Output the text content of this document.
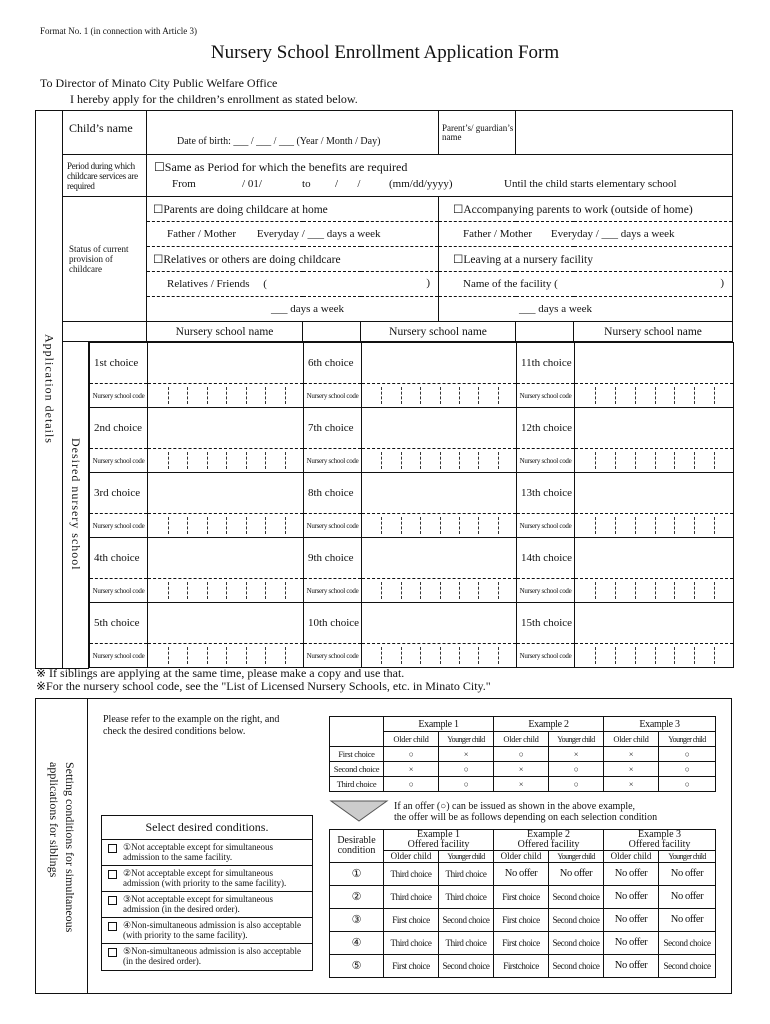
Format No. 1 (in connection with Article 3)
Nursery School Enrollment Application Form
To Director of Minato City Public Welfare Office
I hereby apply for the children’s enrollment as stated below.
Application details	Child’s name	Date of birth: ___ / ___ / ___ (Year / Month / Day)	Parent’s/ guardian’s name	
Period during which childcare services are required	
☐Same as Period for which the benefits are required
From	/ 01/	to /       /	(mm/dd/yyyy)	Until the child starts elementary school

Status of current provision of childcare	☐Parents are doing childcare at home	☐Accompanying parents to work (outside of home)
Father / Mother Everyday / ___ days a week	Father / Mother Everyday / ___ days a week
☐Relatives or others are doing childcare	☐Leaving at a nursery facility
Relatives / Friends     (	)	Name of the facility (	)

___ days a week	___ days a week
	Nursery school name		Nursery school name		Nursery school name
Desired nursery school	
1st choice		6th choice		11th choice	
Nursery school code		Nursery school code		Nursery school code	

2nd choice		7th choice		12th choice	
Nursery school code		Nursery school code		Nursery school code	

3rd choice		8th choice		13th choice	
Nursery school code		Nursery school code		Nursery school code	

4th choice		9th choice		14th choice	
Nursery school code		Nursery school code		Nursery school code	

5th choice		10th choice		15th choice	
Nursery school code		Nursery school code		Nursery school code	
※ If siblings are applying at the same time, please make a copy and use that.
※For the nursery school code, see the "List of Licensed Nursery Schools, etc. in Minato City."
Setting conditions for simultaneous
applications for siblings
Please refer to the example on the right, and check the desired conditions below.
Select desired conditions.
①Not acceptable except for simultaneous admission to the same facility.
②Not acceptable except for simultaneous admission (with priority to the same facility).
③Not acceptable except for simultaneous admission (in the desired order).
④Non-simultaneous admission is also acceptable (with priority to the same facility).
⑤Non-simultaneous admission is also acceptable (in the desired order).
	Example 1		Example 2		Example 3	
	Older child	Younger child	Older child	Younger child	Older child	Younger child
First choice	○	×	○	×	×	○
Second choice	×	○	×	○	×	○
Third choice	○	○	×	○	×	○
If an offer (○) can be issued as shown in the above example,
the offer will be as follows depending on each selection condition
Desirable condition	Example 1
Offered facility		Example 2
Offered facility		Example 3
Offered facility	
	Older child	Younger child	Older child	Younger child	Older child	Younger child
①	Third choice	Third choice	No offer	No offer	No offer	No offer
②	Third choice	Third choice	First choice	Second choice	No offer	No offer
③	First choice	Second choice	First choice	Second choice	No offer	No offer
④	Third choice	Third choice	First choice	Second choice	No offer	Second choice
⑤	First choice	Second choice	Firstchoice	Second choice	No offer	Second choice
